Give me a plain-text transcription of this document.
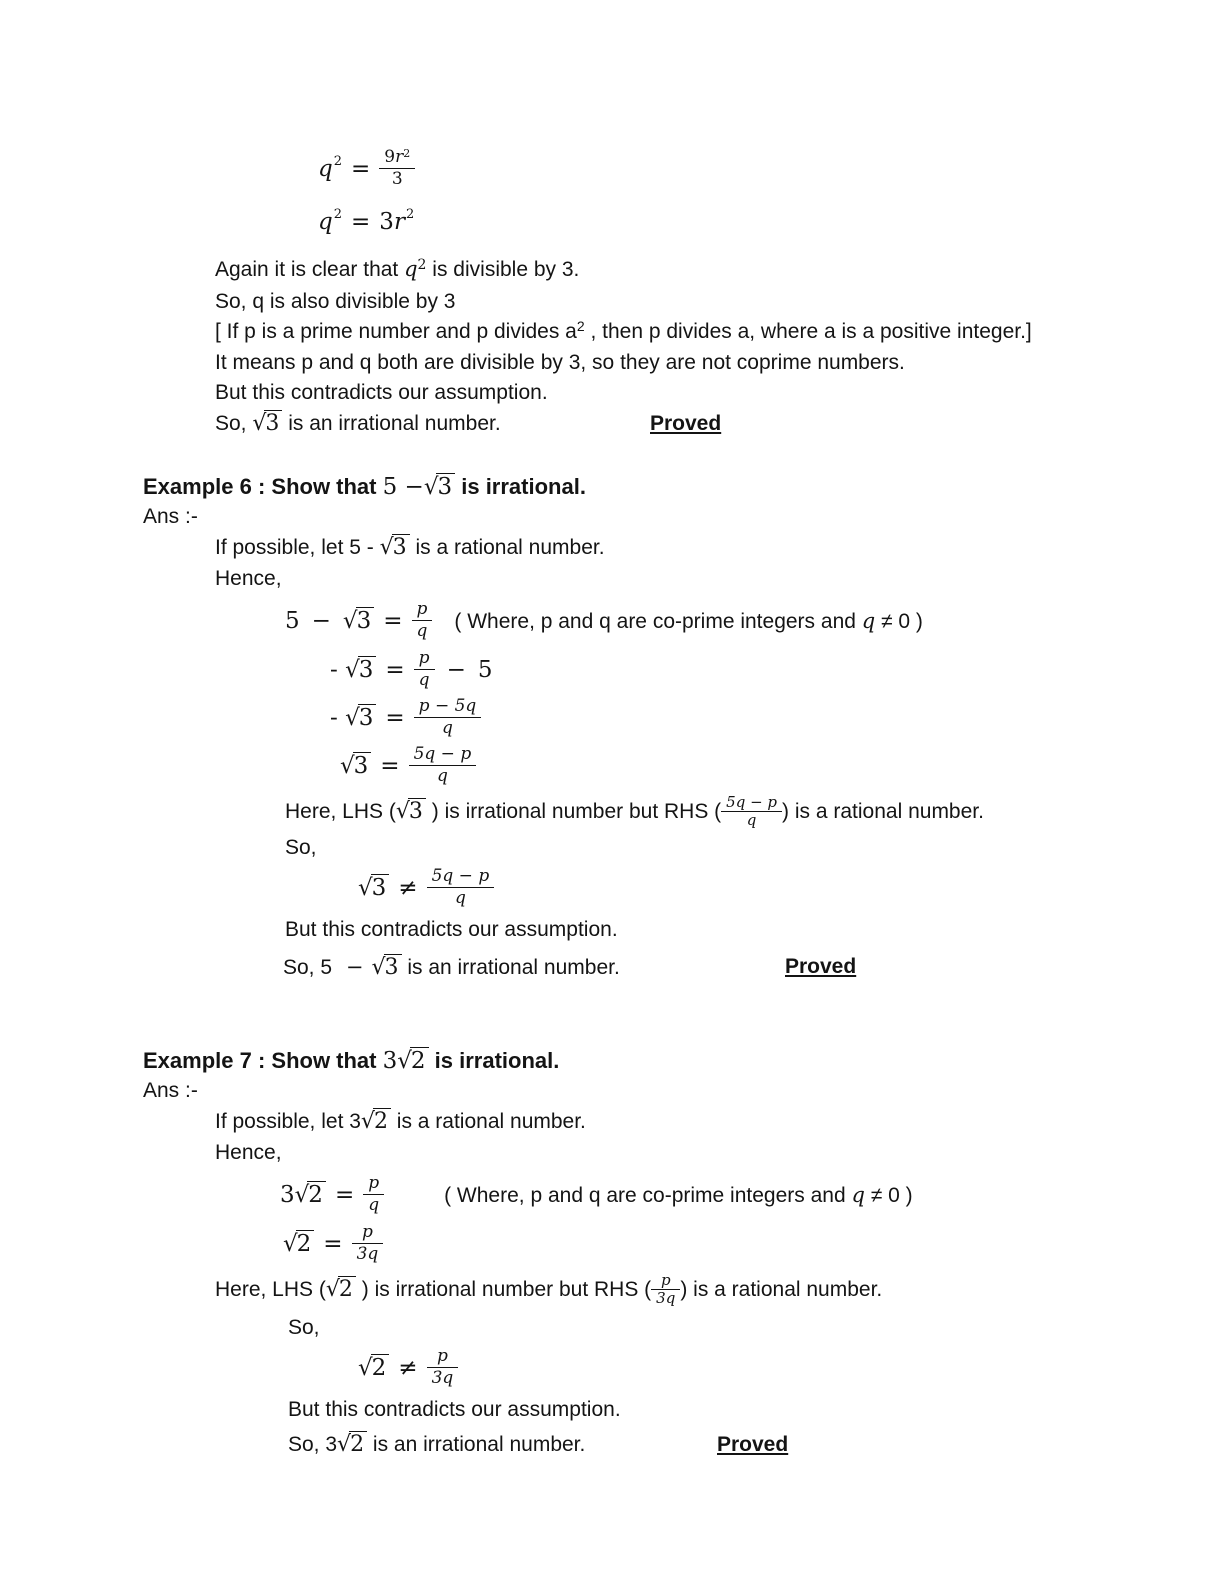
$q^2 = \frac{9r^2}{3}$
$q^2 = 3r^2$
Again it is clear that $q^2$ is divisible by 3.
So, q is also divisible by 3
[ If p is a prime number and p divides $a^2$ , then p divides a, where a is a positive integer.]
It means p and q both are divisible by 3, so they are not coprime numbers.
But this contradicts our assumption.
So, √3 is an irrational number.	Proved
Example 6 : Show that 5 −√3 is irrational.
Ans :-
If possible, let 5 - √3 is a rational number.
Hence,
$5 - √3 = \frac{p}{q}$ ( Where, p and q are co-prime integers and q ≠ 0 )
- $√3 = \frac{p}{q} - 5$
- $√3 = \frac{p - 5q}{q}$
$√3 = \frac{5q - p}{q}$
Here, LHS (√3 ) is irrational number but RHS ( $\frac{5q - p}{q}$ ) is a rational number.
So,
$√3 \ne \frac{5q - p}{q}$
But this contradicts our assumption.
So, 5 − √3 is an irrational number.	Proved
Example 7 : Show that 3√2 is irrational.
Ans :-
If possible, let 3√2 is a rational number.
Hence,
$3√2 = \frac{p}{q}$	( Where, p and q are co-prime integers and q ≠ 0 )
$√2 = \frac{p}{3q}$
Here, LHS (√2 ) is irrational number but RHS ( $\frac{p}{3q}$ ) is a rational number.
So,
$√2 \ne \frac{p}{3q}$
But this contradicts our assumption.
So, 3√2 is an irrational number.	Proved
